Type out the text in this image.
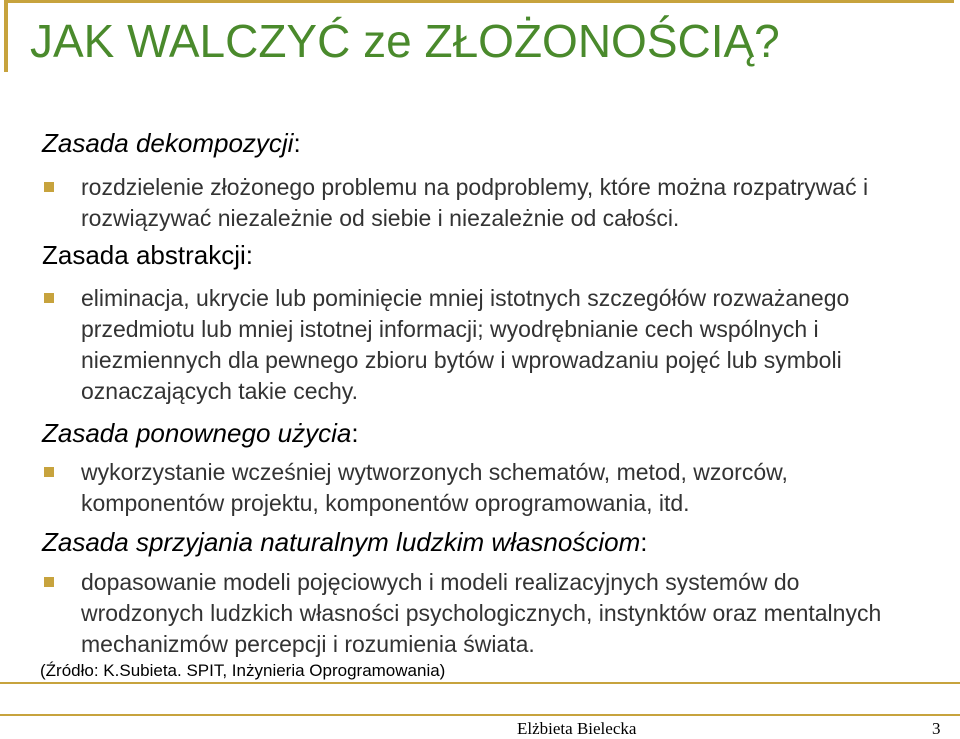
JAK WALCZYĆ ze ZŁOŻONOŚCIĄ?
Zasada dekompozycji:
rozdzielenie złożonego problemu na podproblemy, które można rozpatrywać i rozwiązywać niezależnie od siebie i niezależnie od całości.
Zasada abstrakcji:
eliminacja, ukrycie lub pominięcie mniej istotnych szczegółów rozważanego przedmiotu lub mniej istotnej informacji; wyodrębnianie cech wspólnych i niezmiennych dla pewnego zbioru bytów i wprowadzaniu pojęć lub symboli oznaczających takie cechy.
Zasada ponownego użycia:
wykorzystanie wcześniej wytworzonych schematów, metod, wzorców, komponentów projektu, komponentów oprogramowania, itd.
Zasada sprzyjania naturalnym ludzkim własnościom:
dopasowanie modeli pojęciowych i modeli realizacyjnych systemów do wrodzonych ludzkich własności psychologicznych, instynktów oraz mentalnych mechanizmów percepcji i rozumienia świata.
(Źródło: K.Subieta. SPIT, Inżynieria Oprogramowania)
Elżbieta Bielecka	3
